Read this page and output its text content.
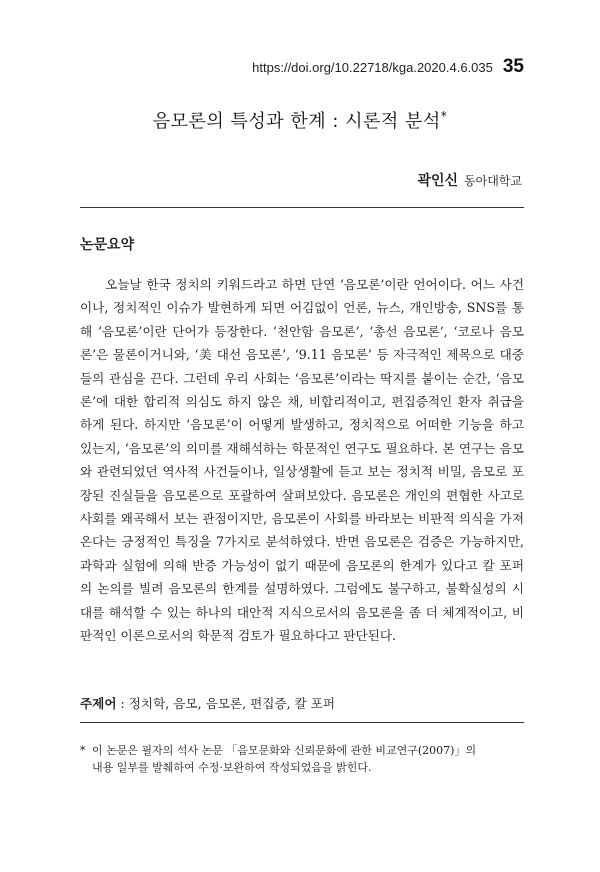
https://doi.org/10.22718/kga.2020.4.6.035 35
음모론의 특성과 한계 : 시론적 분석*
곽인신 동아대학교
논문요약

오늘날 한국 정치의 키워드라고 하면 단연 ‘음모론’이란 언어이다. 어느 사건이나, 정치적인 이슈가 발현하게 되면 어김없이 언론, 뉴스, 개인방송, SNS를 통해 ‘음모론’이란 단어가 등장한다. ‘천안함 음모론’, ‘총선 음모론’, ‘코로나 음모론’은 물론이거니와, ‘美 대선 음모론’, ‘9.11 음모론’ 등 자극적인 제목으로 대중들의 관심을 끈다. 그런데 우리 사회는 ‘음모론’이라는 딱지를 붙이는 순간, ‘음모론’에 대한 합리적 의심도 하지 않은 채, 비합리적이고, 편집증적인 환자 취급을 하게 된다. 하지만 ‘음모론’이 어떻게 발생하고, 정치적으로 어떠한 기능을 하고 있는지, ‘음모론’의 의미를 재해석하는 학문적인 연구도 필요하다. 본 연구는 음모와 관련되었던 역사적 사건들이나, 일상생활에 듣고 보는 정치적 비밀, 음모로 포장된 진실들을 음모론으로 포괄하여 살펴보았다. 음모론은 개인의 편협한 사고로 사회를 왜곡해서 보는 관점이지만, 음모론이 사회를 바라보는 비판적 의식을 가져온다는 긍정적인 특징을 7가지로 분석하였다. 반면 음모론은 검증은 가능하지만, 과학과 실험에 의해 반증 가능성이 없기 때문에 음모론의 한계가 있다고 칼 포퍼의 논의를 빌려 음모론의 한계를 설명하였다. 그럼에도 불구하고, 불확실성의 시대를 해석할 수 있는 하나의 대안적 지식으로서의 음모론을 좀 더 체계적이고, 비판적인 이론으로서의 학문적 검토가 필요하다고 판단된다.

주제어 : 정치학, 음모, 음모론, 편집증, 칼 포퍼
* 이 논문은 필자의 석사 논문 「음모문화와 신뢰문화에 관한 비교연구(2007)」의
내용 일부를 발췌하여 수정·보완하여 작성되었음을 밝힌다.
